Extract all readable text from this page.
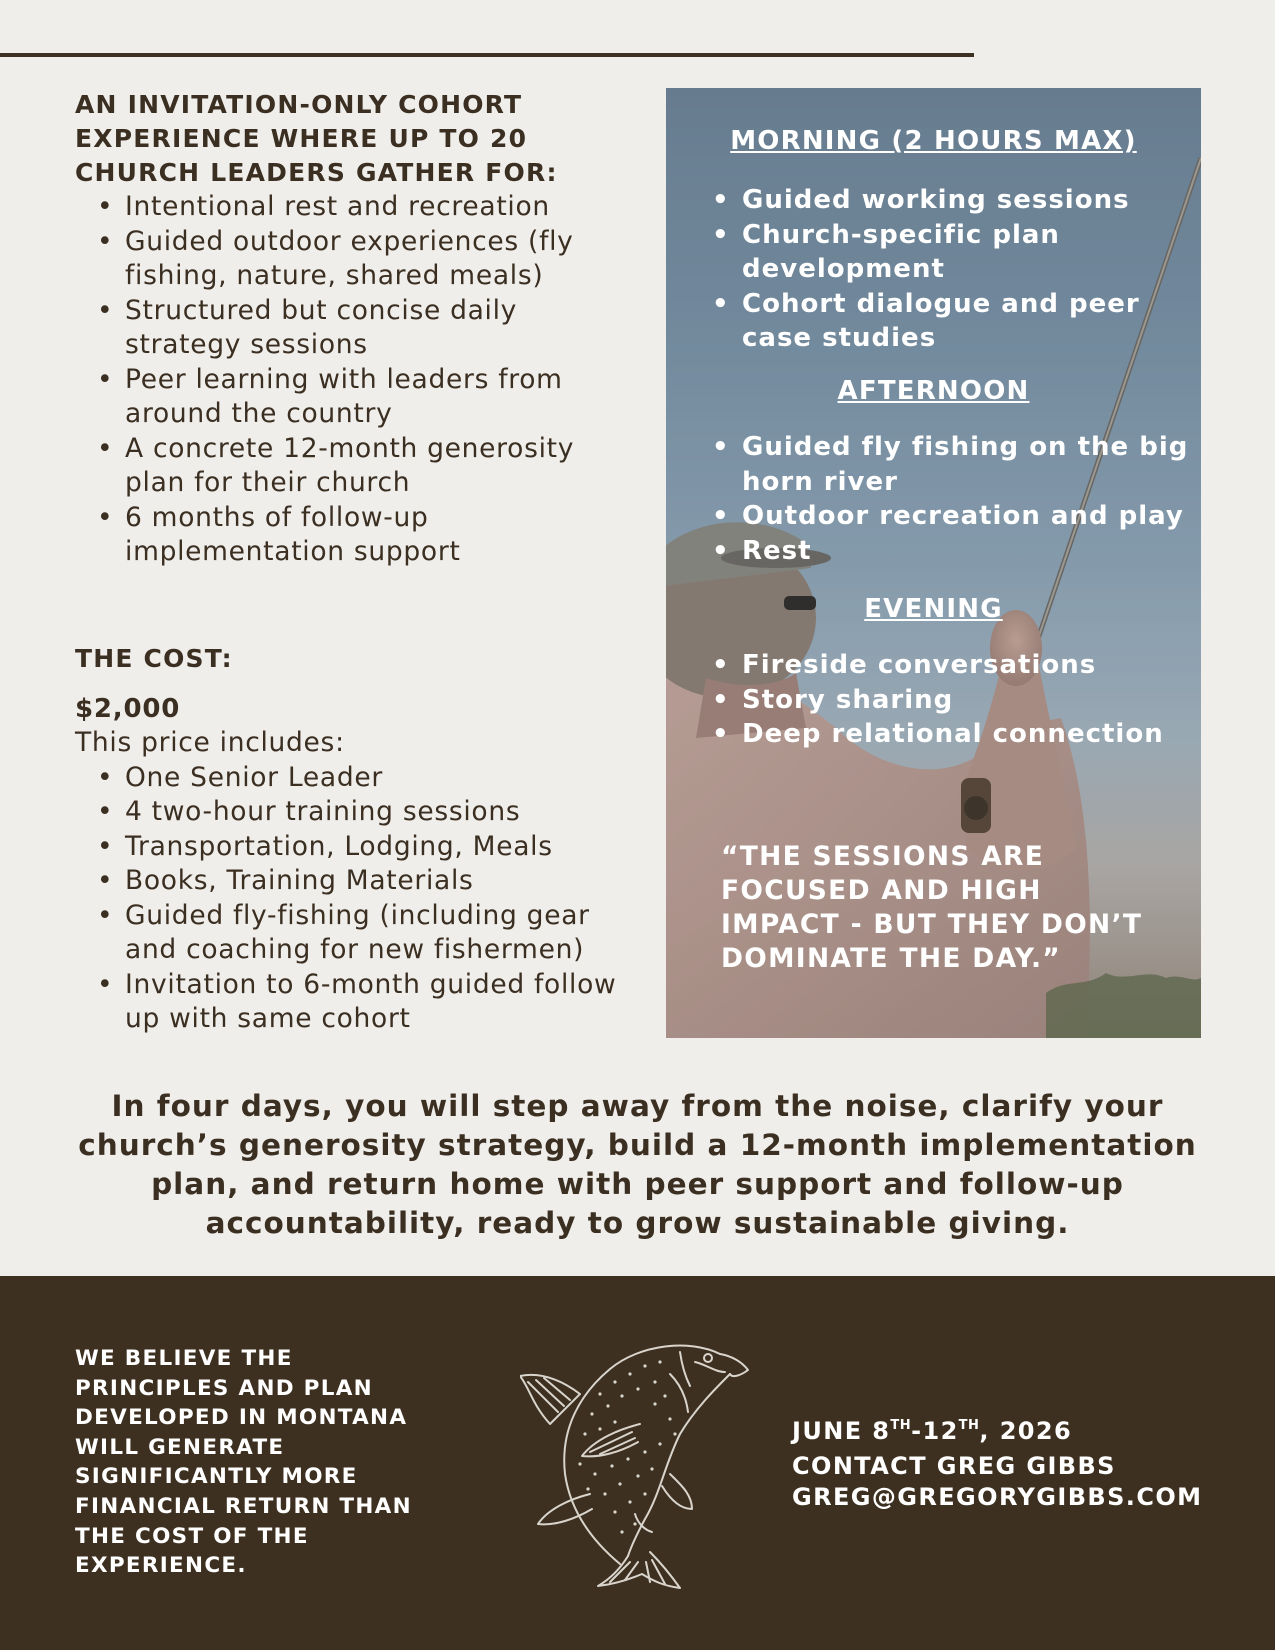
AN INVITATION-ONLY COHORT EXPERIENCE WHERE UP TO 20 CHURCH LEADERS GATHER FOR:
• Intentional rest and recreation
• Guided outdoor experiences (fly fishing, nature, shared meals)
• Structured but concise daily strategy sessions
• Peer learning with leaders from around the country
• A concrete 12-month generosity plan for their church
• 6 months of follow-up implementation support
THE COST:
$2,000
This price includes:
• One Senior Leader
• 4 two-hour training sessions
• Transportation, Lodging, Meals
• Books, Training Materials
• Guided fly-fishing (including gear and coaching for new fishermen)
• Invitation to 6-month guided follow up with same cohort
MORNING (2 HOURS MAX)
• Guided working sessions
• Church-specific plan development
• Cohort dialogue and peer case studies
AFTERNOON
• Guided fly fishing on the big horn river
• Outdoor recreation and play
• Rest
EVENING
• Fireside conversations
• Story sharing
• Deep relational connection

“THE SESSIONS ARE FOCUSED AND HIGH IMPACT - BUT THEY DON’T DOMINATE THE DAY.”

In four days, you will step away from the noise, clarify your church’s generosity strategy, build a 12-month implementation plan, and return home with peer support and follow-up accountability, ready to grow sustainable giving.

WE BELIEVE THE PRINCIPLES AND PLAN DEVELOPED IN MONTANA WILL GENERATE SIGNIFICANTLY MORE FINANCIAL RETURN THAN THE COST OF THE EXPERIENCE.

JUNE 8TH-12TH, 2026
CONTACT GREG GIBBS
GREG@GREGORYGIBBS.COM
